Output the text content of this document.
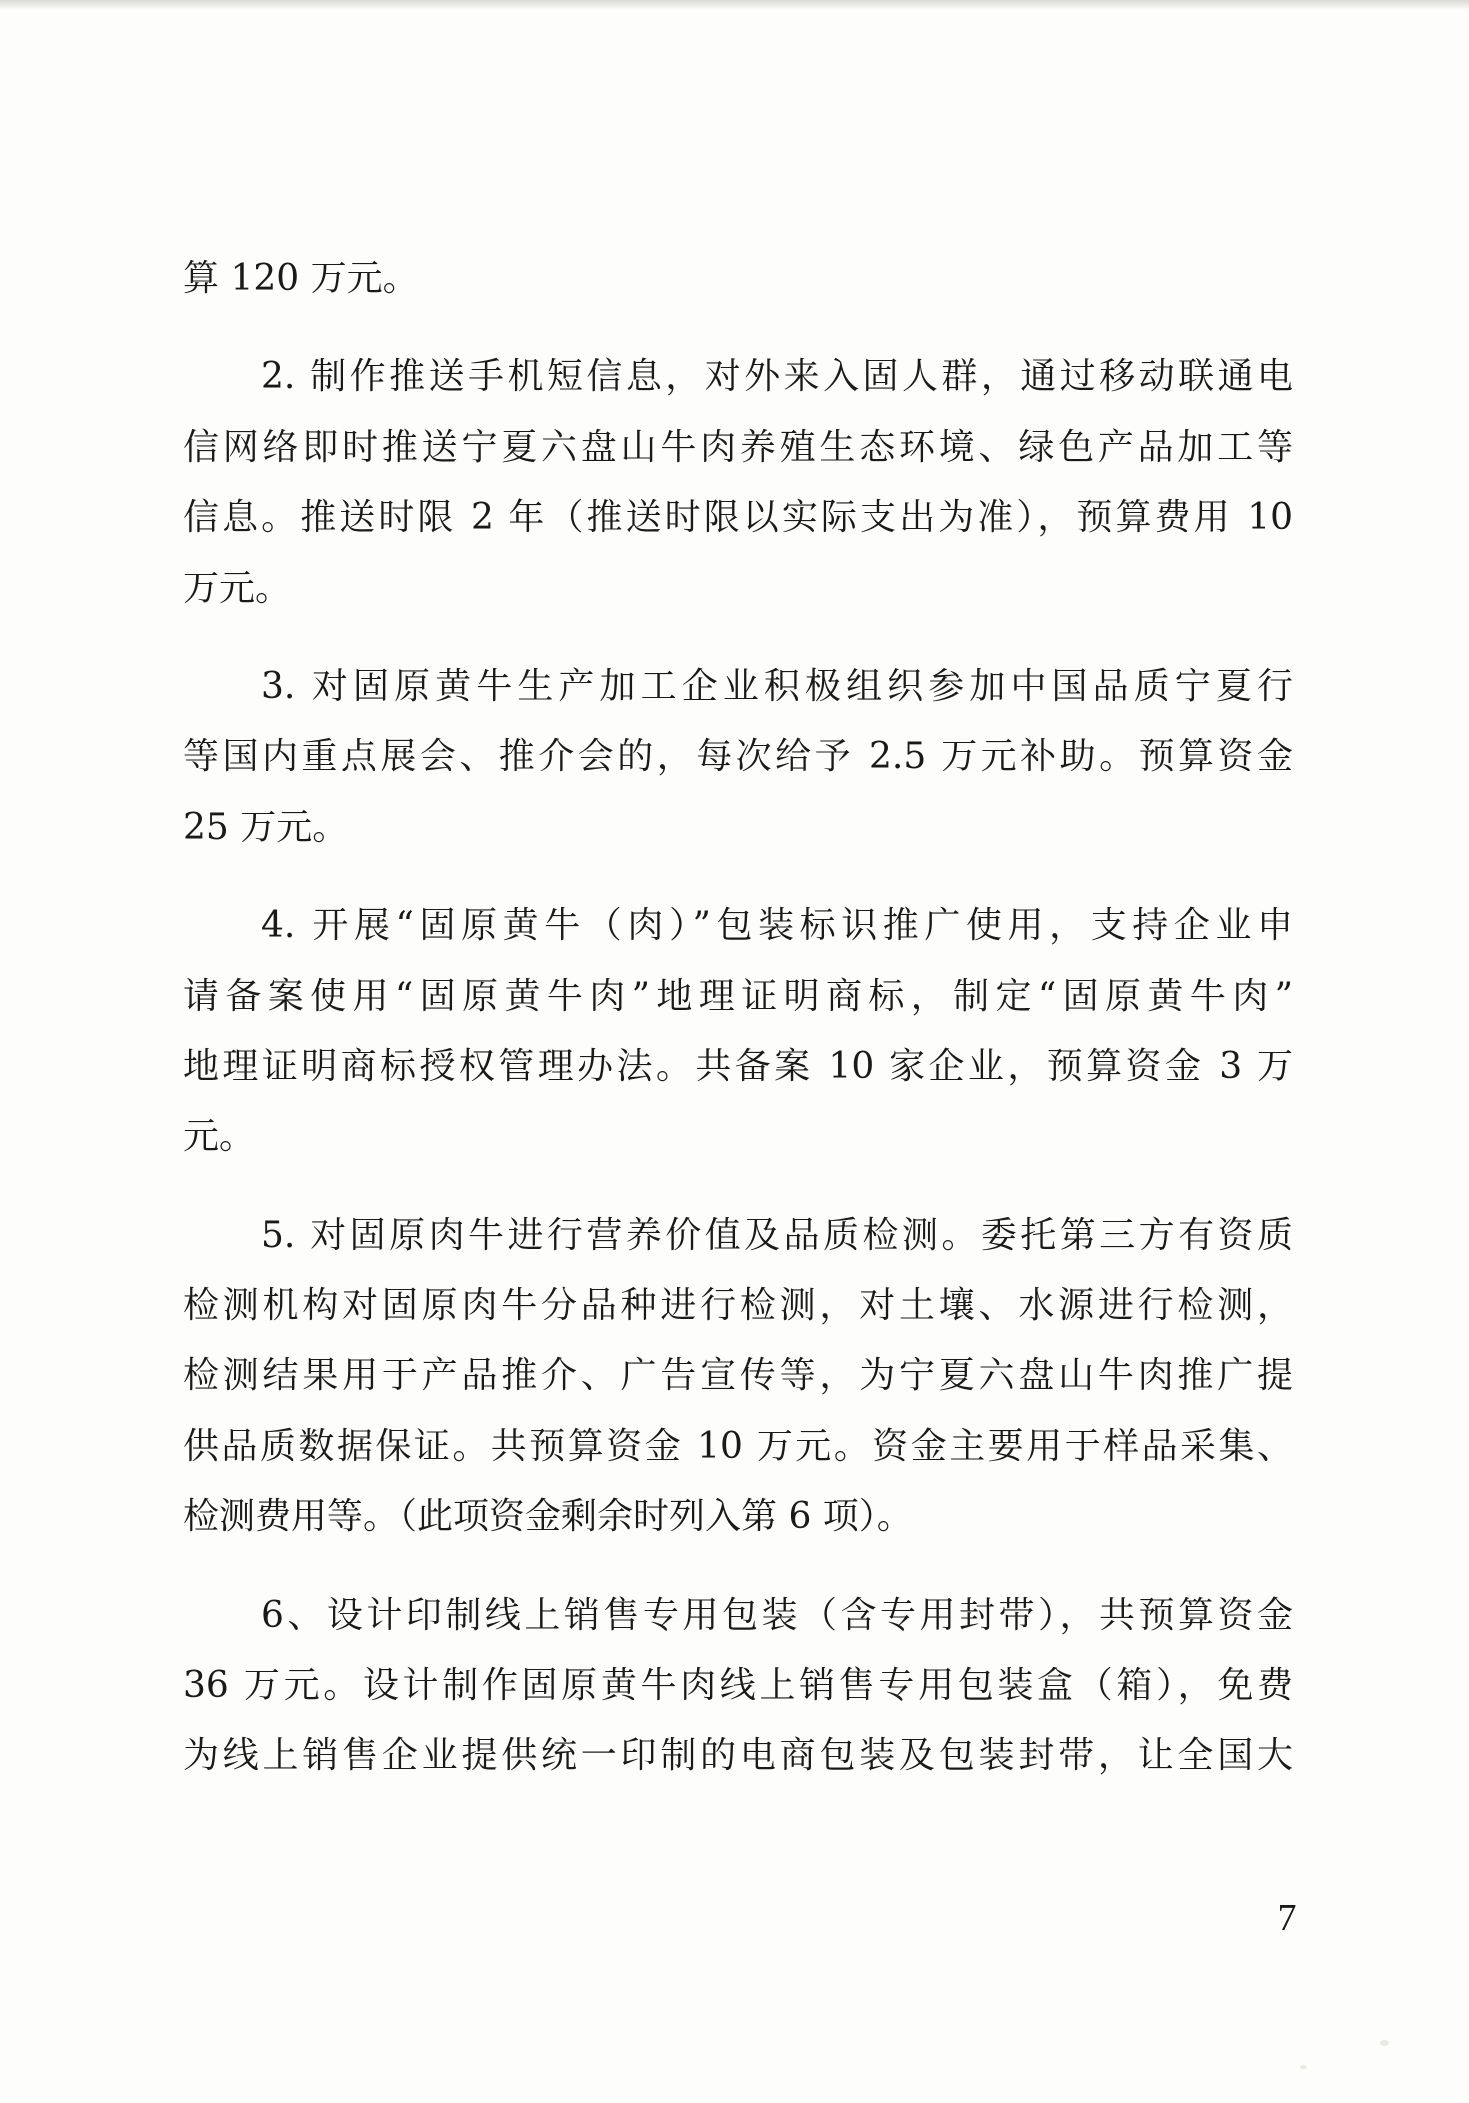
算 120 万元。
2. 制作推送手机短信息，对外来入固人群，通过移动联通电
信网络即时推送宁夏六盘山牛肉养殖生态环境、绿色产品加工等
信息。推送时限 2 年（推送时限以实际支出为准），预算费用 10
万元。
3. 对固原黄牛生产加工企业积极组织参加中国品质宁夏行
等国内重点展会、推介会的，每次给予 2.5 万元补助。预算资金
25 万元。
4. 开展“固原黄牛（肉）”包装标识推广使用，支持企业申
请备案使用“固原黄牛肉”地理证明商标，制定“固原黄牛肉”
地理证明商标授权管理办法。共备案 10 家企业，预算资金 3 万
元。
5. 对固原肉牛进行营养价值及品质检测。委托第三方有资质
检测机构对固原肉牛分品种进行检测，对土壤、水源进行检测，
检测结果用于产品推介、广告宣传等，为宁夏六盘山牛肉推广提
供品质数据保证。共预算资金 10 万元。资金主要用于样品采集、
检测费用等。（此项资金剩余时列入第 6 项）。
6、设计印制线上销售专用包装（含专用封带），共预算资金
36 万元。设计制作固原黄牛肉线上销售专用包装盒（箱），免费
为线上销售企业提供统一印制的电商包装及包装封带，让全国大
7
